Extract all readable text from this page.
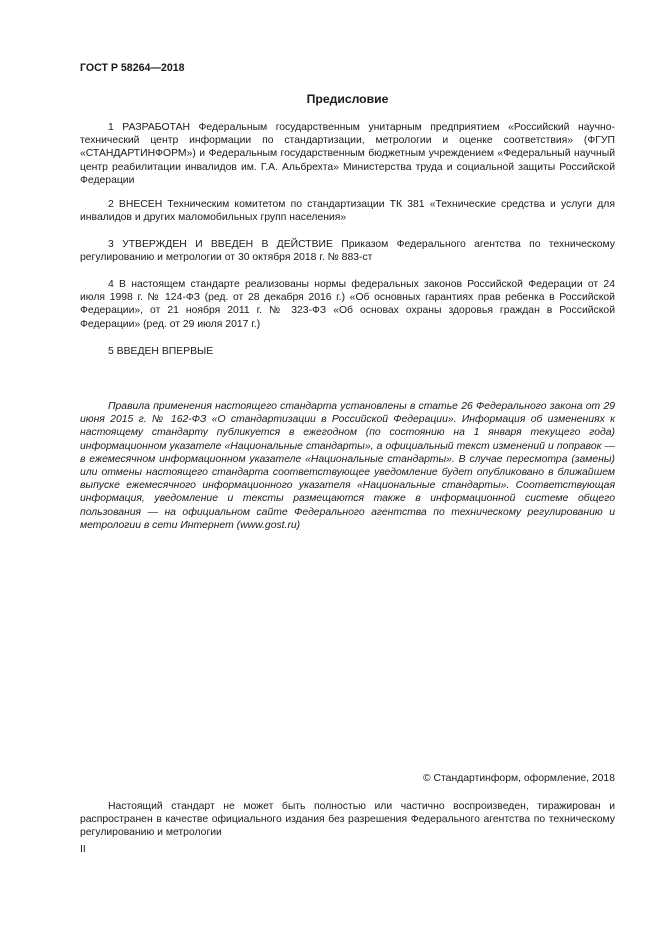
ГОСТ Р 58264—2018
Предисловие

1 РАЗРАБОТАН Федеральным государственным унитарным предприятием «Российский научно-технический центр информации по стандартизации, метрологии и оценке соответствия» (ФГУП «СТАНДАРТИНФОРМ») и Федеральным государственным бюджетным учреждением «Федеральный научный центр реабилитации инвалидов им. Г.А. Альбрехта» Министерства труда и социальной защиты Российской Федерации

2 ВНЕСЕН Техническим комитетом по стандартизации ТК 381 «Технические средства и услуги для инвалидов и других маломобильных групп населения»

3 УТВЕРЖДЕН И ВВЕДЕН В ДЕЙСТВИЕ Приказом Федерального агентства по техническому регулированию и метрологии от 30 октября 2018 г. № 883-ст

4 В настоящем стандарте реализованы нормы федеральных законов Российской Федерации от 24 июля 1998 г. № 124-ФЗ (ред. от 28 декабря 2016 г.) «Об основных гарантиях прав ребенка в Российской Федерации», от 21 ноября 2011 г. № 323-ФЗ «Об основах охраны здоровья граждан в Российской Федерации» (ред. от 29 июля 2017 г.)

5 ВВЕДЕН ВПЕРВЫЕ

Правила применения настоящего стандарта установлены в статье 26 Федерального закона от 29 июня 2015 г. № 162-ФЗ «О стандартизации в Российской Федерации». Информация об изменениях к настоящему стандарту публикуется в ежегодном (по состоянию на 1 января текущего года) информационном указателе «Национальные стандарты», а официальный текст изменений и поправок — в ежемесячном информационном указателе «Национальные стандарты». В случае пересмотра (замены) или отмены настоящего стандарта соответствующее уведомление будет опубликовано в ближайшем выпуске ежемесячного информационного указателя «Национальные стандарты». Соответствующая информация, уведомление и тексты размещаются также в информационной системе общего пользования — на официальном сайте Федерального агентства по техническому регулированию и метрологии в сети Интернет (www.gost.ru)

© Стандартинформ, оформление, 2018

Настоящий стандарт не может быть полностью или частично воспроизведен, тиражирован и распространен в качестве официального издания без разрешения Федерального агентства по техническому регулированию и метрологии

II
